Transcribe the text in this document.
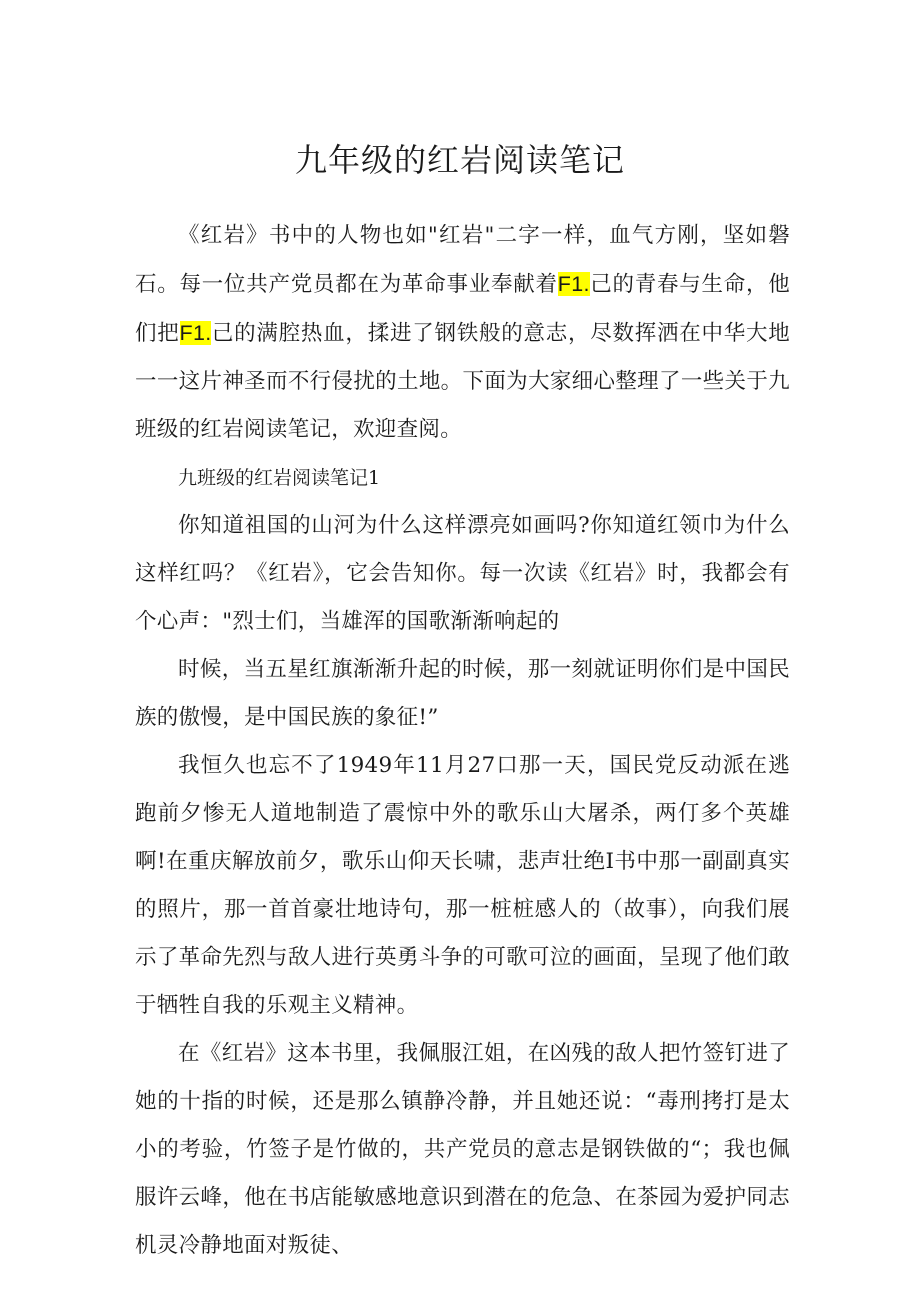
九年级的红岩阅读笔记

《红岩》书中的人物也如"红岩"二字一样，血气方刚，坚如磐石。每一位共产党员都在为革命事业奉献着F1.己的青春与生命，他们把F1.己的满腔热血，揉进了钢铁般的意志，尽数挥洒在中华大地一一这片神圣而不行侵扰的土地。下面为大家细心整理了一些关于九班级的红岩阅读笔记，欢迎查阅。

九班级的红岩阅读笔记1

你知道祖国的山河为什么这样漂亮如画吗?你知道红领巾为什么这样红吗？《红岩》，它会告知你。每一次读《红岩》时，我都会有个心声："烈士们，当雄浑的国歌渐渐响起的

时候，当五星红旗渐渐升起的时候，那一刻就证明你们是中国民族的傲慢，是中国民族的象征!”

我恒久也忘不了1949年11月27口那一天，国民党反动派在逃跑前夕惨无人道地制造了震惊中外的歌乐山大屠杀，两仃多个英雄啊!在重庆解放前夕，歌乐山仰天长啸，悲声壮绝I书中那一副副真实的照片，那一首首豪壮地诗句，那一桩桩感人的（故事），向我们展示了革命先烈与敌人进行英勇斗争的可歌可泣的画面，呈现了他们敢于牺牲自我的乐观主义精神。

在《红岩》这本书里，我佩服江姐，在凶残的敌人把竹签钉进了她的十指的时候，还是那么镇静冷静，并且她还说：“毒刑拷打是太小的考验，竹签子是竹做的，共产党员的意志是钢铁做的“；我也佩服许云峰，他在书店能敏感地意识到潜在的危急、在茶园为爱护同志机灵冷静地面对叛徒、
